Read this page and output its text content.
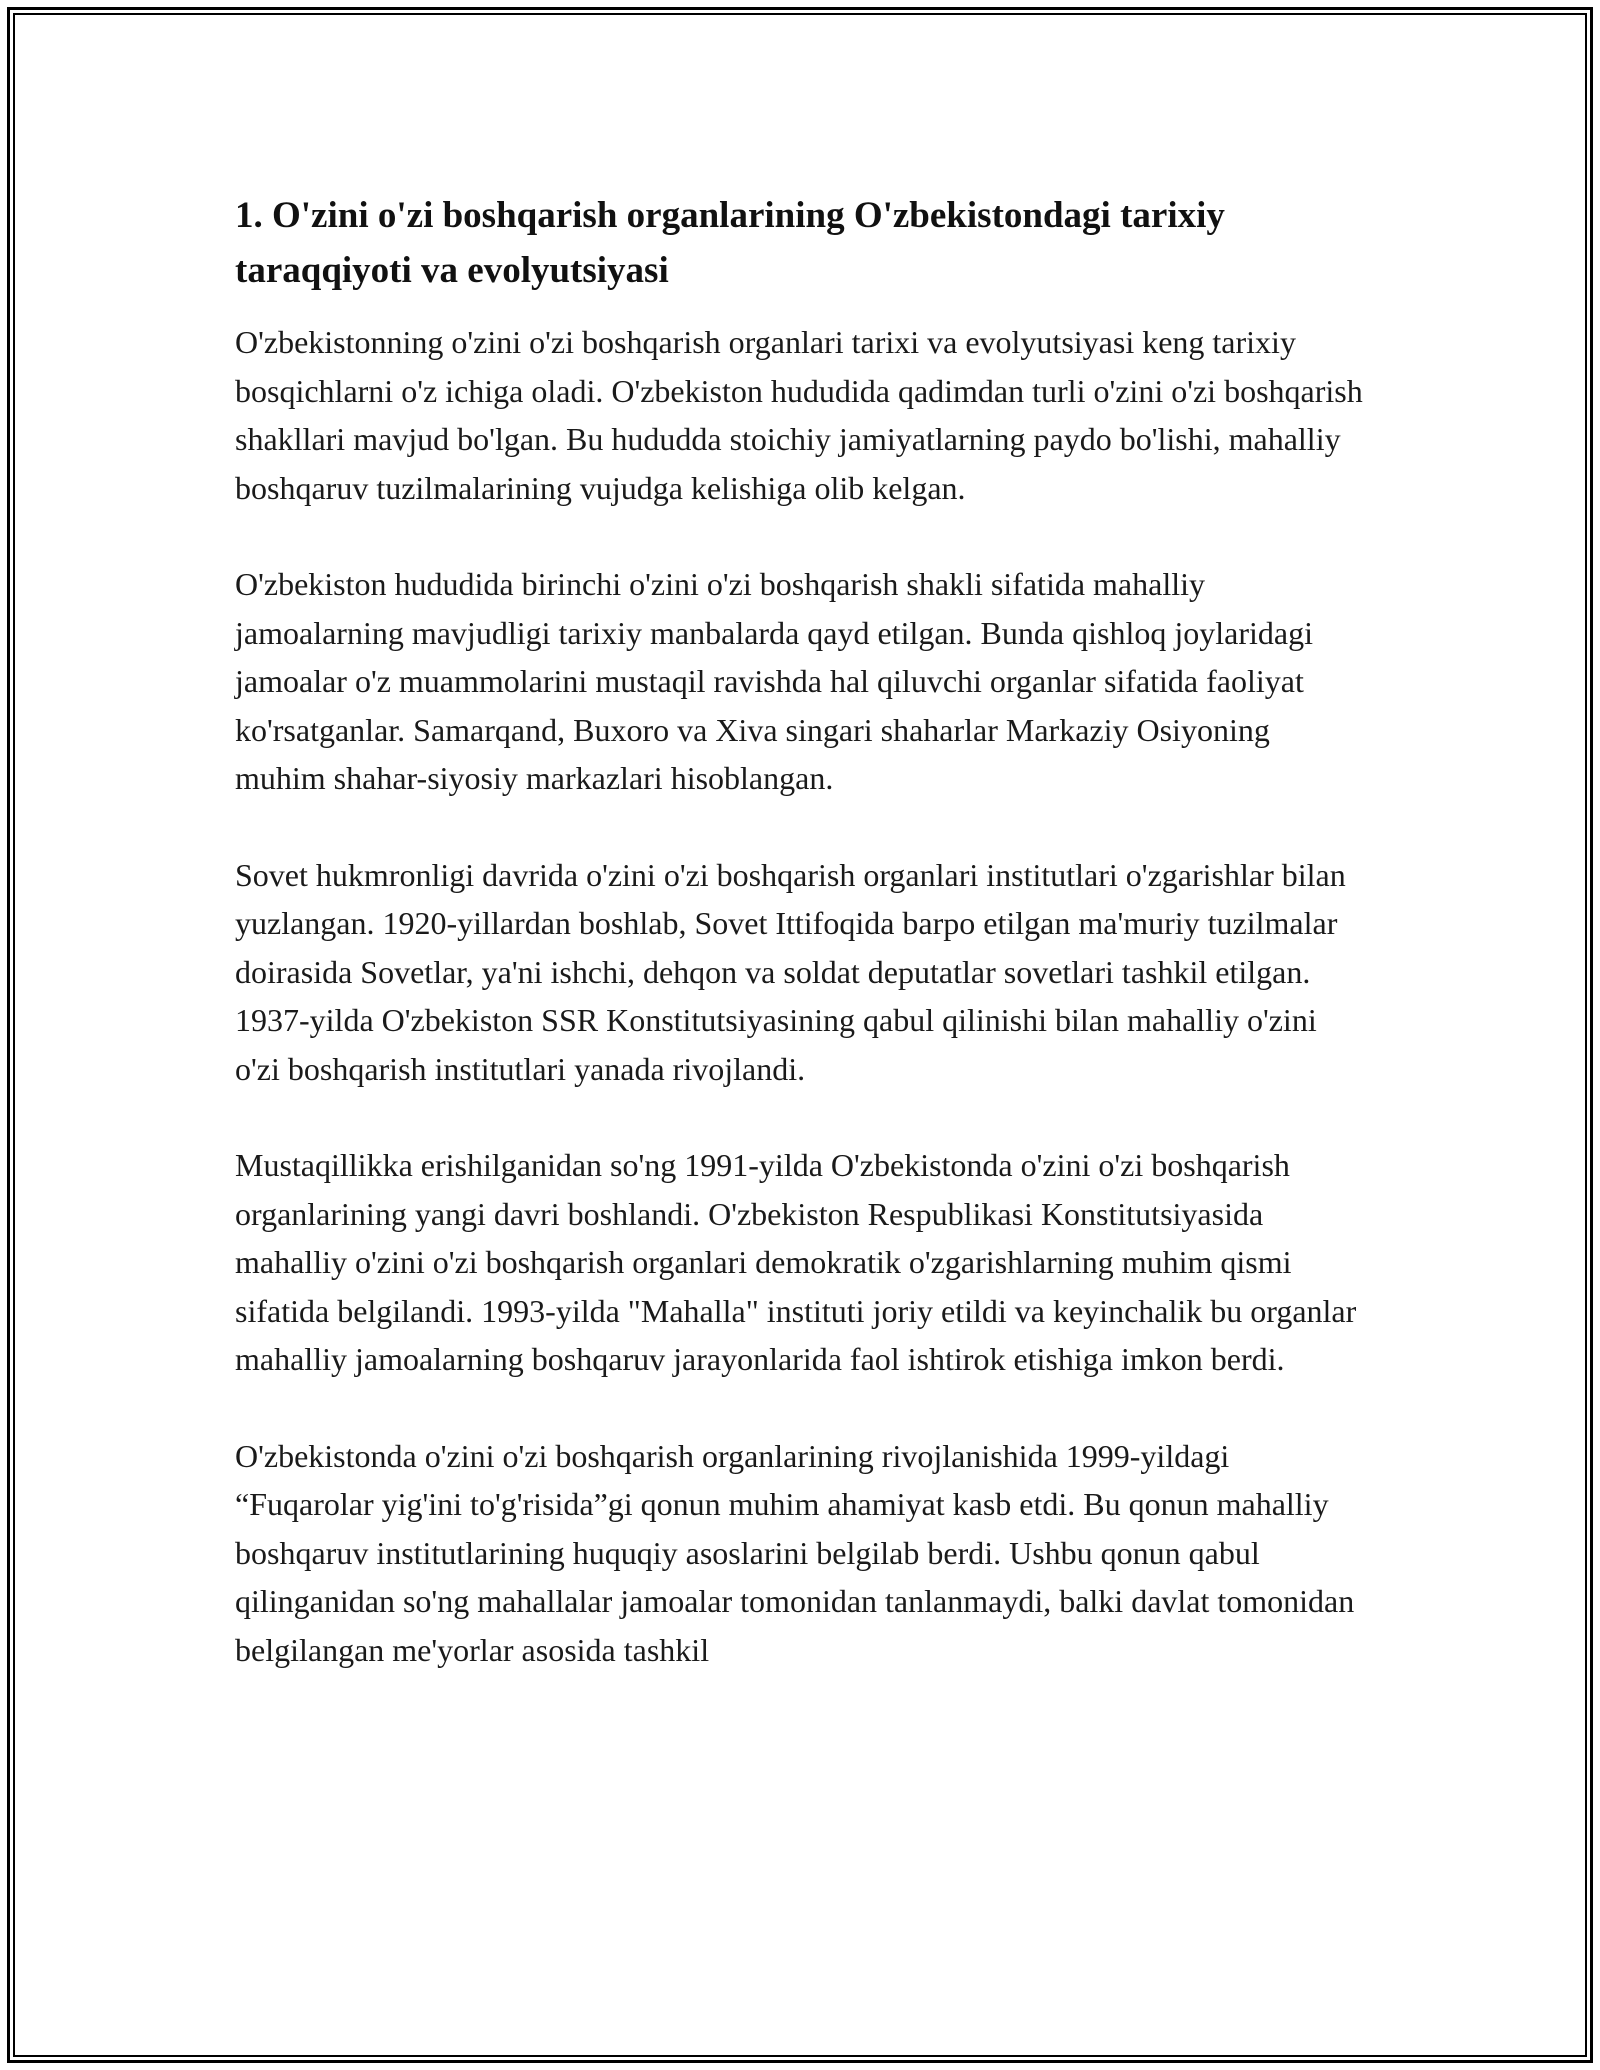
1. O'zini o'zi boshqarish organlarining O'zbekistondagi tarixiy taraqqiyoti va evolyutsiyasi

O'zbekistonning o'zini o'zi boshqarish organlari tarixi va evolyutsiyasi keng tarixiy bosqichlarni o'z ichiga oladi. O'zbekiston hududida qadimdan turli o'zini o'zi boshqarish shakllari mavjud bo'lgan. Bu hududda stoichiy jamiyatlarning paydo bo'lishi, mahalliy boshqaruv tuzilmalarining vujudga kelishiga olib kelgan.

O'zbekiston hududida birinchi o'zini o'zi boshqarish shakli sifatida mahalliy jamoalarning mavjudligi tarixiy manbalarda qayd etilgan. Bunda qishloq joylaridagi jamoalar o'z muammolarini mustaqil ravishda hal qiluvchi organlar sifatida faoliyat ko'rsatganlar. Samarqand, Buxoro va Xiva singari shaharlar Markaziy Osiyoning muhim shahar-siyosiy markazlari hisoblangan.

Sovet hukmronligi davrida o'zini o'zi boshqarish organlari institutlari o'zgarishlar bilan yuzlangan. 1920-yillardan boshlab, Sovet Ittifoqida barpo etilgan ma'muriy tuzilmalar doirasida Sovetlar, ya'ni ishchi, dehqon va soldat deputatlar sovetlari tashkil etilgan. 1937-yilda O'zbekiston SSR Konstitutsiyasining qabul qilinishi bilan mahalliy o'zini o'zi boshqarish institutlari yanada rivojlandi.

Mustaqillikka erishilganidan so'ng 1991-yilda O'zbekistonda o'zini o'zi boshqarish organlarining yangi davri boshlandi. O'zbekiston Respublikasi Konstitutsiyasida mahalliy o'zini o'zi boshqarish organlari demokratik o'zgarishlarning muhim qismi sifatida belgilandi. 1993-yilda "Mahalla" instituti joriy etildi va keyinchalik bu organlar mahalliy jamoalarning boshqaruv jarayonlarida faol ishtirok etishiga imkon berdi.

O'zbekistonda o'zini o'zi boshqarish organlarining rivojlanishida 1999-yildagi “Fuqarolar yig'ini to'g'risida”gi qonun muhim ahamiyat kasb etdi. Bu qonun mahalliy boshqaruv institutlarining huquqiy asoslarini belgilab berdi. Ushbu qonun qabul qilinganidan so'ng mahallalar jamoalar tomonidan tanlanmaydi, balki davlat tomonidan belgilangan me'yorlar asosida tashkil
